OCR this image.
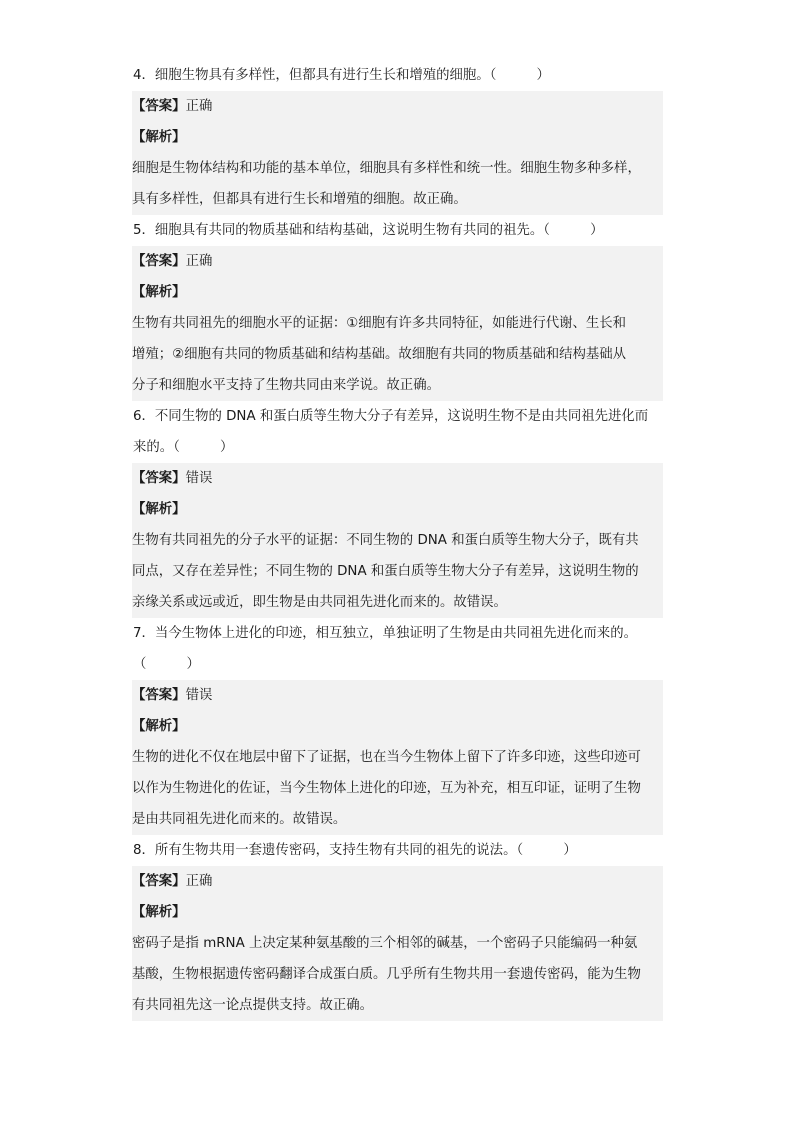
4．细胞生物具有多样性，但都具有进行生长和增殖的细胞。（　　　）
【答案】正确
【解析】
细胞是生物体结构和功能的基本单位，细胞具有多样性和统一性。细胞生物多种多样，
具有多样性，但都具有进行生长和增殖的细胞。故正确。
5．细胞具有共同的物质基础和结构基础，这说明生物有共同的祖先。（　　　）
【答案】正确
【解析】
生物有共同祖先的细胞水平的证据：①细胞有许多共同特征，如能进行代谢、生长和
增殖；②细胞有共同的物质基础和结构基础。故细胞有共同的物质基础和结构基础从
分子和细胞水平支持了生物共同由来学说。故正确。
6．不同生物的 DNA 和蛋白质等生物大分子有差异，这说明生物不是由共同祖先进化而
来的。（　　　）
【答案】错误
【解析】
生物有共同祖先的分子水平的证据：不同生物的 DNA 和蛋白质等生物大分子，既有共
同点，又存在差异性；不同生物的 DNA 和蛋白质等生物大分子有差异，这说明生物的
亲缘关系或远或近，即生物是由共同祖先进化而来的。故错误。
7．当今生物体上进化的印迹，相互独立，单独证明了生物是由共同祖先进化而来的。
（　　　）
【答案】错误
【解析】
生物的进化不仅在地层中留下了证据，也在当今生物体上留下了许多印迹，这些印迹可
以作为生物进化的佐证，当今生物体上进化的印迹，互为补充，相互印证，证明了生物
是由共同祖先进化而来的。故错误。
8．所有生物共用一套遗传密码，支持生物有共同的祖先的说法。（　　　）
【答案】正确
【解析】
密码子是指 mRNA 上决定某种氨基酸的三个相邻的碱基，一个密码子只能编码一种氨
基酸，生物根据遗传密码翻译合成蛋白质。几乎所有生物共用一套遗传密码，能为生物
有共同祖先这一论点提供支持。故正确。
